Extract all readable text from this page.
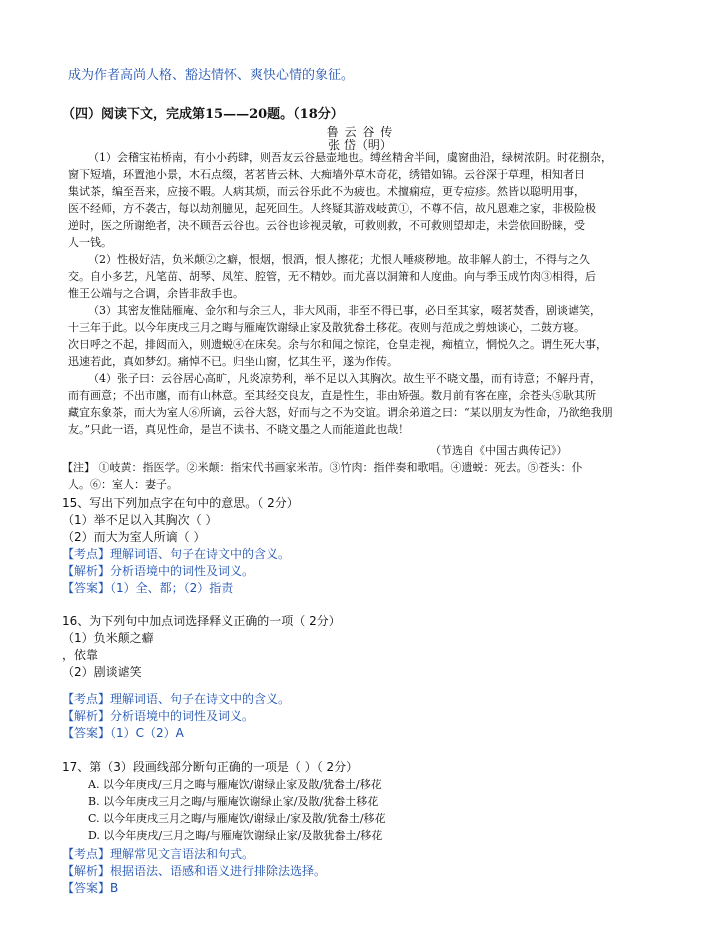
成为作者高尚人格、豁达情怀、爽快心情的象征。
（四）阅读下文，完成第15——20题。（18分）
鲁 云 谷 传
张 岱（明）
（1）会稽宝祐桥南，有小小药肆，则吾友云谷悬壶地也。缚丝精舍半间，虞窗曲沿，绿树浓阴。时花捌杂，
窗下短墙，环置池小景，木石点缀，茗茗皆云林、大痴墙外草木奇花，绣错如锦。云谷深于草理，相知者日
集试茶，编至吾来，应接不暇。人病其烦，而云谷乐此不为疲也。术擅痫痘，更专痘疹。然皆以聪明用事，
医不经师，方不袭古，每以劫剂臆见，起死回生。人终疑其游戏岐黄①，不尊不信，故凡恩难之家，非极险极
逆时，医之所谢绝者，决不顾吾云谷也。云谷也诊视灵敏，可救则救，不可救则望却走，未尝依回盼睐，受
人一钱。
（2）性极好洁，负米颠②之癖，恨烟，恨酒，恨人擦花；尤恨人唾痰秽地。故非解人韵士，不得与之久
交。自小多艺，凡笔苗、胡琴、凤笙、腔管，无不精妙。而尤喜以洞箫和人度曲。向与季玉成竹肉③相得，后
惟王公端与之合调，余皆非敌手也。
（3）其密友惟陆雁庵、金尔和与余三人，非大风雨，非至不得已事，必日至其家，啜茗焚香，剧谈谑笑，
十三年于此。以今年庚戌三月之晦与雁庵饮谢绿止家及散犹畚土移花。夜则与范成之剪烛谈心，二鼓方寝。
次日呼之不起，排闼而入，则遗蜕④在床矣。余与尔和闻之惊诧，仓皇走视，痴植立，惘悦久之。谓生死大事，
迅速若此，真如梦幻。痛悼不已。归坐山窗，忆其生平，遂为作传。
（4）张子曰：云谷居心高旷，凡炎凉势利，举不足以入其胸次。故生平不晓文墨，而有诗意；不解丹青，
而有画意；不出市廛，而有山林意。至其经交良友，直是性生，非由矫强。数月前有客在座，余苍头⑤耿其所
藏宜东象茶，而大为室人⑥所谪，云谷大怒，好而与之不为交谊。谓余弟道之曰：“某以朋友为性命，乃欲绝我朋
友。”只此一语，真见性命，是岂不读书、不晓文墨之人而能道此也哉！
（节选自《中国古典传记》）
【注】 ①岐黄：指医学。②米颠：指宋代书画家米芾。③竹肉：指伴奏和歌唱。④遗蜕：死去。⑤苍头：仆
人。⑥：室人：妻子。
15、写出下列加点字在句中的意思。（ 2分）
（1）举不足以入其胸次（ ）
（2）而大为室人所谪（ ）
【考点】理解词语、句子在诗文中的含义。
【解析】分析语境中的词性及词义。
【答案】（1）全、都；（2）指责
16、为下列句中加点词选择释义正确的一项（ 2分）
（1）负米颠之癖
，依靠
（2）剧谈谑笑
【考点】理解词语、句子在诗文中的含义。
【解析】分析语境中的词性及词义。
【答案】（1）C（2）A
17、第（3）段画线部分断句正确的一项是（ ）（ 2分）
A. 以今年庚戌/三月之晦与雁庵饮/谢绿止家及散/犹畚土/移花
B. 以今年庚戌三月之晦/与雁庵饮谢绿止家/及散/犹畚土移花
C. 以今年庚戌三月之晦/与雁庵饮/谢绿止/家及散/犹畚土/移花
D. 以今年庚戌/三月之晦/与雁庵饮谢绿止家/及散犹畚土/移花
【考点】理解常见文言语法和句式。
【解析】根据语法、语感和语义进行排除法选择。
【答案】B
